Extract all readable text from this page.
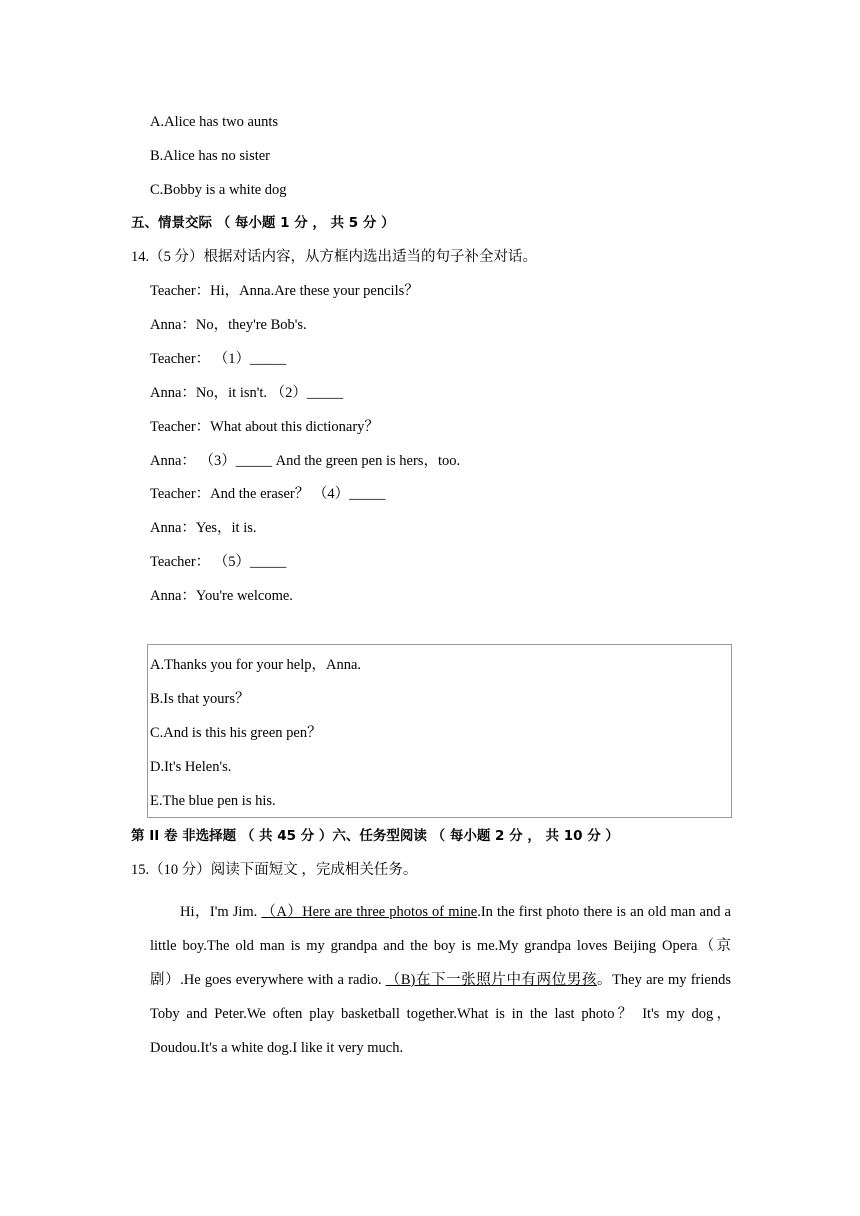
A.Alice has two aunts
B.Alice has no sister
C.Bobby is a white dog
五、情景交际 （ 每小题 1 分 ， 共 5 分 ）
14.（5 分）根据对话内容，从方框内选出适当的句子补全对话。
Teacher：Hi，Anna.Are these your pencils？
Anna：No，they're Bob's.
Teacher： （1）_____
Anna：No，it isn't. （2）_____
Teacher：What about this dictionary？
Anna： （3）_____ And the green pen is hers，too.
Teacher：And the eraser？ （4）_____
Anna：Yes，it is.
Teacher： （5）_____
Anna：You're welcome.
A.Thanks you for your help，Anna.
B.Is that yours？
C.And is this his green pen？
D.It's Helen's.
E.The blue pen is his.
第 II 卷 非选择题 （ 共 45 分 ）六、任务型阅读 （ 每小题 2 分 ， 共 10 分 ）
15.（10 分）阅读下面短文 ，完成相关任务。
Hi，I'm Jim. （A）Here are three photos of mine.In the first photo there is an old man and a little boy.The old man is my grandpa and the boy is me.My grandpa loves Beijing Opera（京剧）.He goes everywhere with a radio. （B)在下一张照片中有两位男孩。They are my friends Toby and Peter.We often play basketball together.What is in the last photo？ It's my dog，Doudou.It's a white dog.I like it very much.
